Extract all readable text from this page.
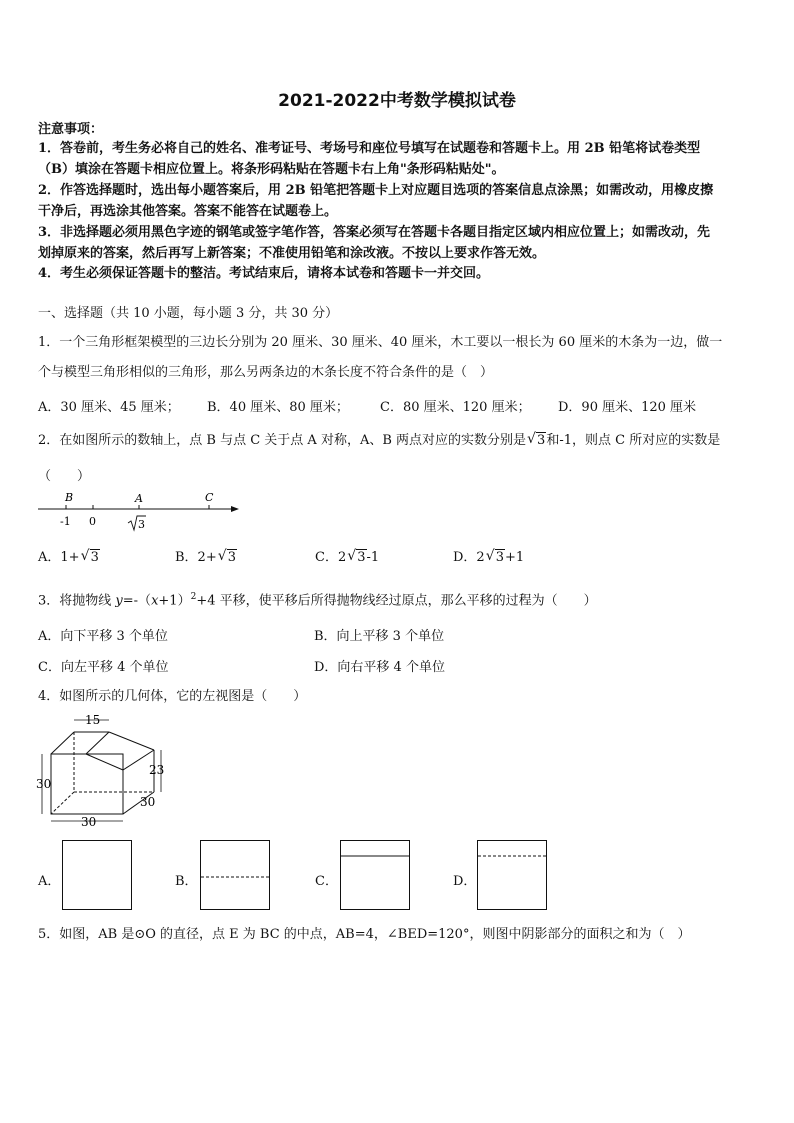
2021-2022中考数学模拟试卷
注意事项：
1．答卷前，考生务必将自己的姓名、准考证号、考场号和座位号填写在试题卷和答题卡上。用 2B 铅笔将试卷类型
（B）填涂在答题卡相应位置上。将条形码粘贴在答题卡右上角"条形码粘贴处"。
2．作答选择题时，选出每小题答案后，用 2B 铅笔把答题卡上对应题目选项的答案信息点涂黑；如需改动，用橡皮擦
干净后，再选涂其他答案。答案不能答在试题卷上。
3．非选择题必须用黑色字迹的钢笔或签字笔作答，答案必须写在答题卡各题目指定区域内相应位置上；如需改动，先
划掉原来的答案，然后再写上新答案；不准使用铅笔和涂改液。不按以上要求作答无效。
4．考生必须保证答题卡的整洁。考试结束后，请将本试卷和答题卡一并交回。
一、选择题（共 10 小题，每小题 3 分，共 30 分）
1．一个三角形框架模型的三边长分别为 20 厘米、30 厘米、40 厘米，木工要以一根长为 60 厘米的木条为一边，做一
个与模型三角形相似的三角形，那么另两条边的木条长度不符合条件的是（　）
A．30 厘米、45 厘米； B．40 厘米、80 厘米； C．80 厘米、120 厘米； D．90 厘米、120 厘米
2．在如图所示的数轴上，点 B 与点 C 关于点 A 对称，A、B 两点对应的实数分别是 √ 3和-1，则点 C 所对应的实数是
（　　）
B	A	C
-1 0	3
A．1+ √ 3	B．2+ √ 3	C．2 √ 3-1	D．2 √ 3+1
3．将抛物线 $y=-(x+1)^2+4$ 平移，使平移后所得抛物线经过原点，那么平移的过程为（　　）
A．向下平移 3 个单位	B．向上平移 3 个单位
C．向左平移 4 个单位	D．向右平移 4 个单位
4．如图所示的几何体，它的左视图是（　　）
15
30
23
30
30
A．	B．	C．	D．
5．如图，AB 是⊙O 的直径，点 E 为 BC 的中点，AB=4，∠BED=120°，则图中阴影部分的面积之和为（　）
